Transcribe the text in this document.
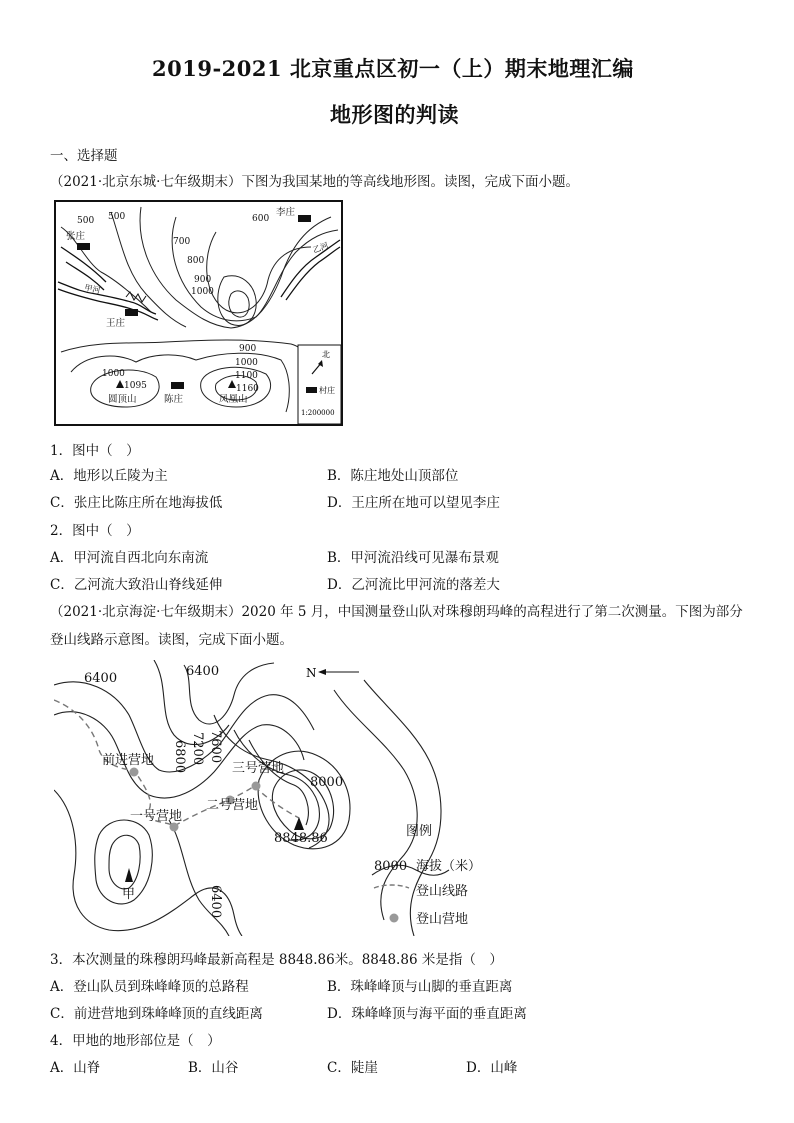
2019-2021 北京重点区初一（上）期末地理汇编
地形图的判读
一、选择题
（2021·北京东城·七年级期末）下图为我国某地的等高线地形图。读图，完成下面小题。
500 500	600
700
800
900
1000
900
1000
1100
1000
1095	1160
张庄
李庄
王庄
陈庄
圆顶山	凤凰山
甲河
乙河
北
村庄
1:200000
1．图中（　）
A．地形以丘陵为主	B．陈庄地处山顶部位
C．张庄比陈庄所在地海拔低	D．王庄所在地可以望见李庄
2．图中（　）
A．甲河流自西北向东南流	B．甲河流沿线可见瀑布景观
C．乙河流大致沿山脊线延伸	D．乙河流比甲河流的落差大
（2021·北京海淀·七年级期末）2020 年 5 月，中国测量登山队对珠穆朗玛峰的高程进行了第二次测量。下图为部分
登山线路示意图。读图，完成下面小题。
6400	6400
6800 7200 7600
8000
6400
前进营地
一号营地
二号营地
三号营地
8848.86
甲
N
图例
8000 海拔（米）
登山线路
登山营地
3．本次测量的珠穆朗玛峰最新高程是 8848.86米。8848.86 米是指（　）
A．登山队员到珠峰峰顶的总路程	B．珠峰峰顶与山脚的垂直距离
C．前进营地到珠峰峰顶的直线距离	D．珠峰峰顶与海平面的垂直距离
4．甲地的地形部位是（　）
A．山脊	B．山谷	C．陡崖	D．山峰
